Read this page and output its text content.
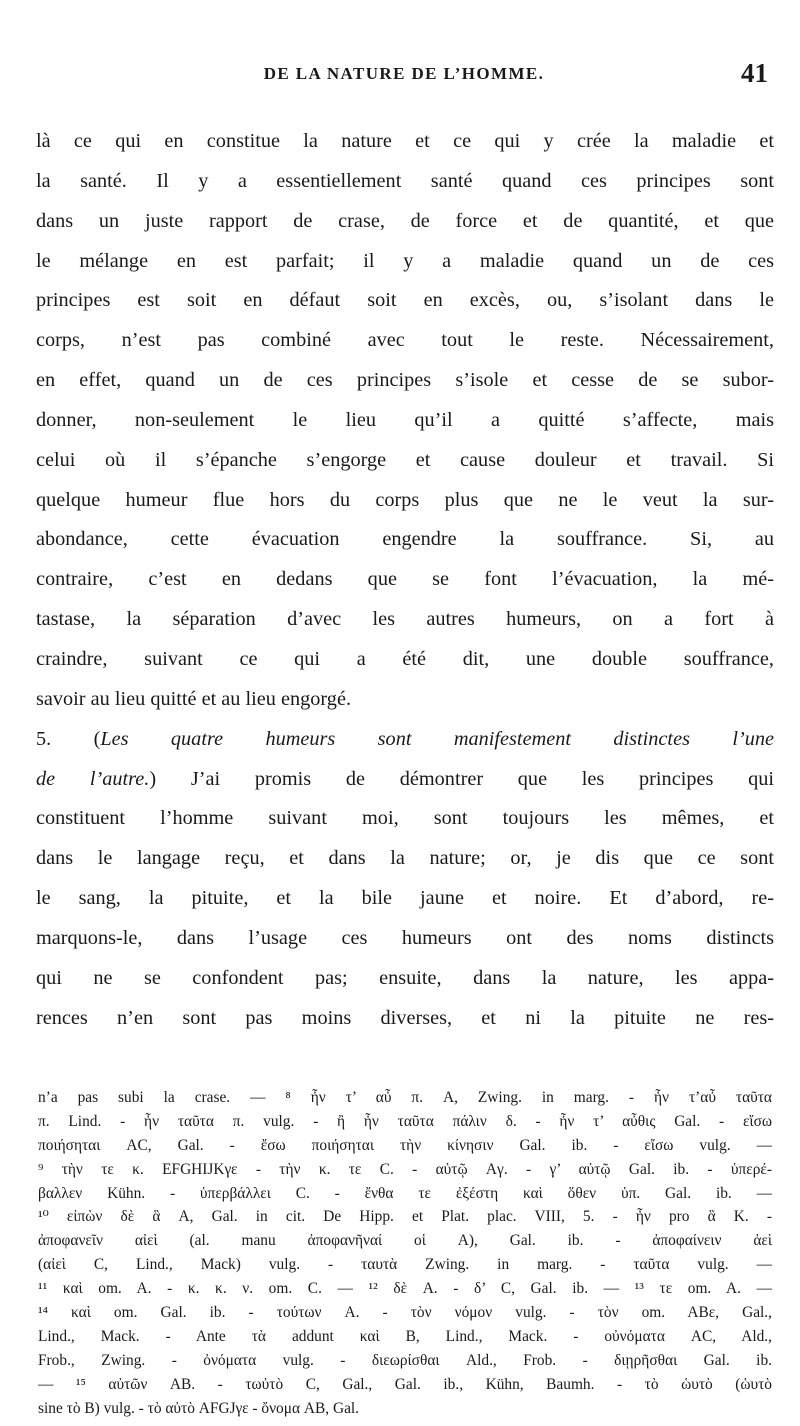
DE LA NATURE DE L’HOMME.	41
là ce qui en constitue la nature et ce qui y crée la maladie et
la santé. Il y a essentiellement santé quand ces principes sont
dans un juste rapport de crase, de force et de quantité, et que
le mélange en est parfait; il y a maladie quand un de ces
principes est soit en défaut soit en excès, ou, s’isolant dans le
corps, n’est pas combiné avec tout le reste. Nécessairement,
en effet, quand un de ces principes s’isole et cesse de se subor-
donner, non-seulement le lieu qu’il a quitté s’affecte, mais
celui où il s’épanche s’engorge et cause douleur et travail. Si
quelque humeur flue hors du corps plus que ne le veut la sur-
abondance, cette évacuation engendre la souffrance. Si, au
contraire, c’est en dedans que se font l’évacuation, la mé-
tastase, la séparation d’avec les autres humeurs, on a fort à
craindre, suivant ce qui a été dit, une double souffrance,
savoir au lieu quitté et au lieu engorgé.
5. (Les quatre humeurs sont manifestement distinctes l’une
de l’autre.) J’ai promis de démontrer que les principes qui
constituent l’homme suivant moi, sont toujours les mêmes, et
dans le langage reçu, et dans la nature; or, je dis que ce sont
le sang, la pituite, et la bile jaune et noire. Et d’abord, re-
marquons-le, dans l’usage ces humeurs ont des noms distincts
qui ne se confondent pas; ensuite, dans la nature, les appa-
rences n’en sont pas moins diverses, et ni la pituite ne res-
n’a pas subi la crase. — ⁸ ἦν τ’ αὖ π. A, Zwing. in marg. - ἦν τ’αὖ ταῦτα
π. Lind. - ἦν ταῦτα π. vulg. - ἢ ἦν ταῦτα πάλιν δ. - ἦν τ’ αὖθις Gal. - εἴσω
ποιήσηται AC, Gal. - ἔσω ποιήσηται τὴν κίνησιν Gal. ib. - εἴσω vulg. —
⁹ τὴν τε κ. EFGHIJKγε - τὴν κ. τε C. - αὐτῷ Aγ. - γ’ αὐτῷ Gal. ib. - ὑπερέ-
βαλλεν Kühn. - ὑπερβάλλει C. - ἔνθα τε ἐξέστη καὶ ὅθεν ὑπ. Gal. ib. —
¹⁰ εἰπὼν δὲ ἃ A, Gal. in cit. De Hipp. et Plat. plac. VIII, 5. - ἦν pro ἃ K. -
ἀποφανεῖν αἰεὶ (al. manu ἀποφανῆναί οἱ A), Gal. ib. - ἀποφαίνειν ἀεὶ
(αἰεὶ C, Lind., Mack) vulg. - ταυτὰ Zwing. in marg. - ταῦτα vulg. —
¹¹ καὶ om. A. - κ. κ. ν. om. C. — ¹² δὲ A. - δ’ C, Gal. ib. — ¹³ τε om. A. —
¹⁴ καὶ om. Gal. ib. - τούτων A. - τὸν νόμον vulg. - τὸν om. ABε, Gal.,
Lind., Mack. - Ante τὰ addunt καὶ B, Lind., Mack. - οὐνόματα AC, Ald.,
Frob., Zwing. - ὀνόματα vulg. - διεωρίσθαι Ald., Frob. - διῃρῆσθαι Gal. ib.
— ¹⁵ αὐτῶν AB. - τωὐτὸ C, Gal., Gal. ib., Kühn, Baumh. - τὸ ὡυτὸ (ὡυτὸ
sine τὸ B) vulg. - τὸ αὐτὸ AFGJγε - ὄνομα AB, Gal.
